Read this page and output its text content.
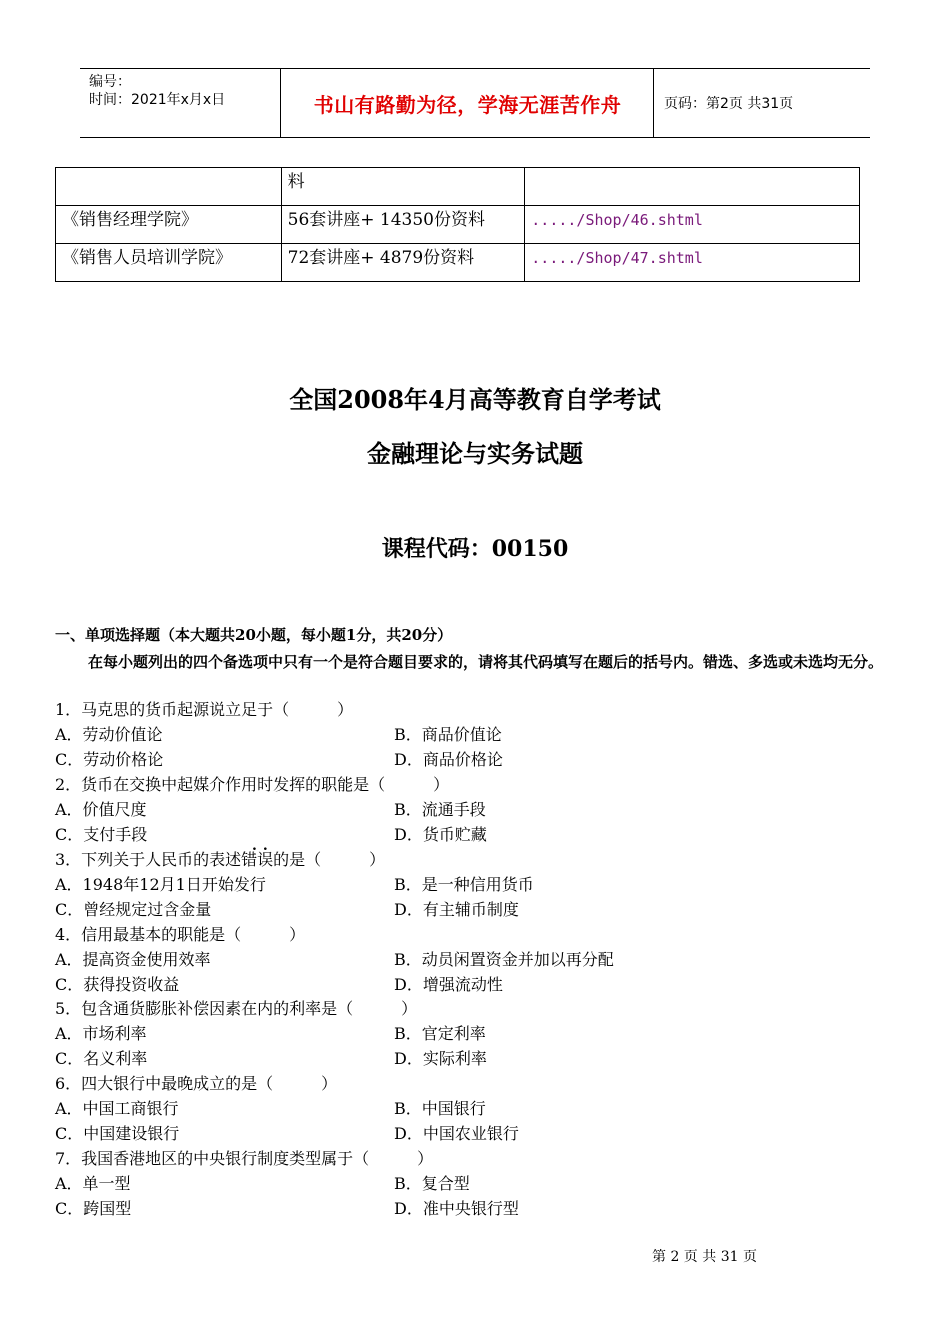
编号：
时间：2021年x月x日	书山有路勤为径，学海无涯苦作舟	页码：第2页 共31页
	料	
《销售经理学院》	56套讲座+ 14350份资料	...../Shop/46.shtml
《销售人员培训学院》	72套讲座+ 4879份资料	...../Shop/47.shtml
全国2008年4月高等教育自学考试
金融理论与实务试题
课程代码：00150
一、单项选择题（本大题共20小题，每小题1分，共20分）
在每小题列出的四个备选项中只有一个是符合题目要求的，请将其代码填写在题后的括号内。错选、多选或未选均无分。
1．马克思的货币起源说立足于（　　　）
A．劳动价值论	B．商品价值论
C．劳动价格论	D．商品价格论
2．货币在交换中起媒介作用时发挥的职能是（　　　）
A．价值尺度	B．流通手段
C．支付手段	D．货币贮藏
..
3．下列关于人民币的表述错误的是（　　　）
A．1948年12月1日开始发行	B．是一种信用货币
C．曾经规定过含金量	D．有主辅币制度
4．信用最基本的职能是（　　　）
A．提高资金使用效率	B．动员闲置资金并加以再分配
C．获得投资收益	D．增强流动性
5．包含通货膨胀补偿因素在内的利率是（　　　）
A．市场利率	B．官定利率
C．名义利率	D．实际利率
6．四大银行中最晚成立的是（　　　）
A．中国工商银行	B．中国银行
C．中国建设银行	D．中国农业银行
7．我国香港地区的中央银行制度类型属于（　　　）
A．单一型	B．复合型
C．跨国型	D．准中央银行型
第 2 页 共 31 页
